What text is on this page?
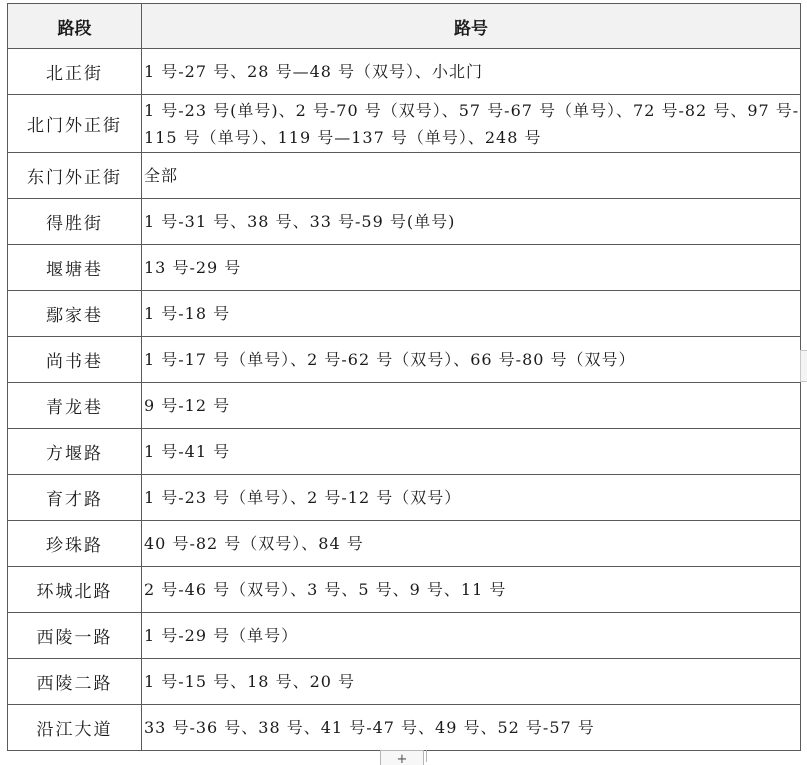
路段	路号
北正街	1 号-27 号、28 号—48 号（双号）、小北门
北门外正街	1 号-23 号(单号)、2 号-70 号（双号）、57 号-67 号（单号）、72 号-82 号、97 号-115 号（单号）、119 号—137 号（单号）、248 号
东门外正街	全部
得胜街	1 号-31 号、38 号、33 号-59 号(单号)
堰塘巷	13 号-29 号
鄢家巷	1 号-18 号
尚书巷	1 号-17 号（单号）、2 号-62 号（双号）、66 号-80 号（双号）
青龙巷	9 号-12 号
方堰路	1 号-41 号
育才路	1 号-23 号（单号）、2 号-12 号（双号）
珍珠路	40 号-82 号（双号）、84 号
环城北路	2 号-46 号（双号）、3 号、5 号、9 号、11 号
西陵一路	1 号-29 号（单号）
西陵二路	1 号-15 号、18 号、20 号
沿江大道	33 号-36 号、38 号、41 号-47 号、49 号、52 号-57 号
+
